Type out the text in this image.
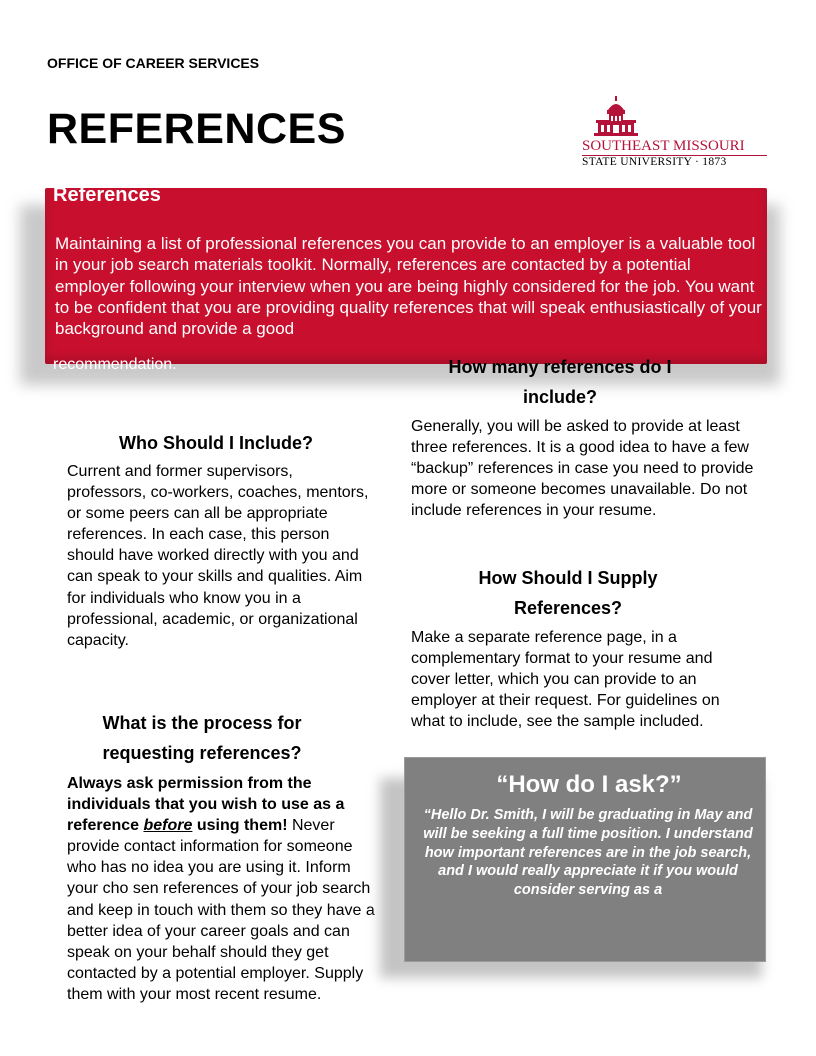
OFFICE OF CAREER SERVICES
REFERENCES	SOUTHEAST MISSOURI
STATE UNIVERSITY · 1873
References
Maintaining a list of professional references you can provide to an employer is a valuable tool in your job search materials toolkit. Normally, references are contacted by a potential employer following your interview when you are being highly considered for the job. You want to be confident that you are providing quality references that will speak enthusiastically of your background and provide a good
recommendation.
Who Should I Include?
Current and former supervisors, professors, co-workers, coaches, mentors, or some peers can all be appropriate references. In each case, this person should have worked directly with you and can speak to your skills and qualities. Aim for individuals who know you in a professional, academic, or organizational capacity.
What is the process for requesting references?
Always ask permission from the individuals that you wish to use as a reference before using them! Never provide contact information for someone who has no idea you are using it. Inform your cho sen references of your job search and keep in touch with them so they have a better idea of your career goals and can speak on your behalf should they get contacted by a potential employer. Supply them with your most recent resume.
How many references do I include?
Generally, you will be asked to provide at least three references. It is a good idea to have a few “backup” references in case you need to provide more or someone becomes unavailable. Do not include references in your resume.
How Should I Supply References?
Make a separate reference page, in a complementary format to your resume and cover letter, which you can provide to an employer at their request. For guidelines on what to include, see the sample included.
“How do I ask?”
“Hello Dr. Smith, I will be graduating in May and will be seeking a full time position. I understand how important references are in the job search, and I would really appreciate it if you would consider serving as a
